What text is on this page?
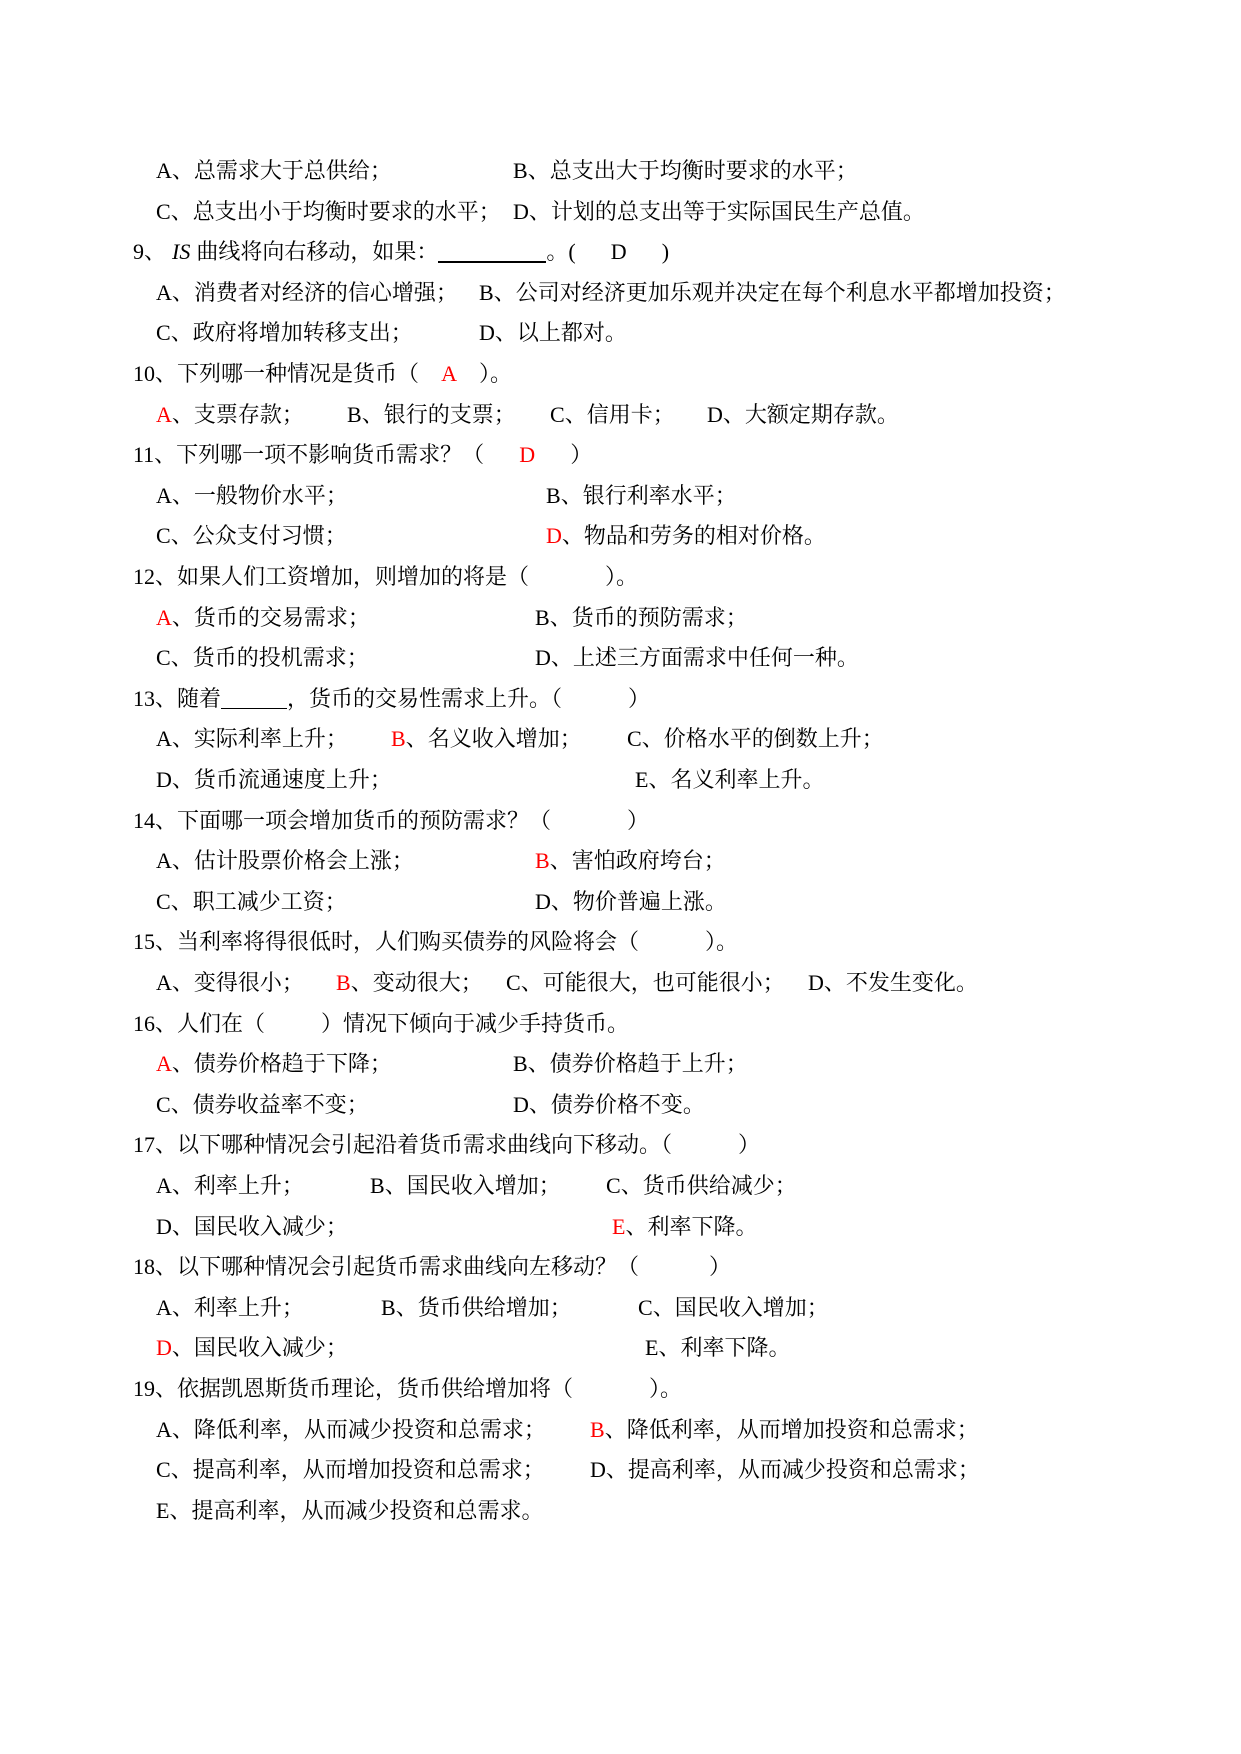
A、总需求大于总供给；	B、总支出大于均衡时要求的水平；
C、总支出小于均衡时要求的水平； D、计划的总支出等于实际国民生产总值。
9、 IS 曲线将向右移动，如果：	。( D )
A、消费者对经济的信心增强； B、公司对经济更加乐观并决定在每个利息水平都增加投资；
C、政府将增加转移支出；	D、以上都对。
10、下列哪一种情况是货币（ A ）。
A、支票存款； B、银行的支票； C、信用卡； D、大额定期存款。
11、下列哪一项不影响货币需求？（ D ）
A、一般物价水平；	B、银行利率水平；
C、公众支付习惯；	D、物品和劳务的相对价格。
12、如果人们工资增加，则增加的将是（	）。
A、货币的交易需求；	B、货币的预防需求；
C、货币的投机需求；	D、上述三方面需求中任何一种。
13、随着	，货币的交易性需求上升。（	）
A、实际利率上升； B、名义收入增加； C、价格水平的倒数上升；
D、货币流通速度上升；	E、名义利率上升。
14、下面哪一项会增加货币的预防需求？（	）
A、估计股票价格会上涨；	B、害怕政府垮台；
C、职工减少工资；	D、物价普遍上涨。
15、当利率将得很低时，人们购买债券的风险将会（	）。
A、变得很小； B、变动很大； C、可能很大，也可能很小； D、不发生变化。
16、人们在（	）情况下倾向于减少手持货币。
A、债券价格趋于下降；	B、债券价格趋于上升；
C、债券收益率不变；	D、债券价格不变。
17、以下哪种情况会引起沿着货币需求曲线向下移动。（	）
A、利率上升；	B、国民收入增加； C、货币供给减少；
D、国民收入减少；	E、利率下降。
18、以下哪种情况会引起货币需求曲线向左移动？（	）
A、利率上升；	B、货币供给增加；	C、国民收入增加；
D、国民收入减少；	E、利率下降。
19、依据凯恩斯货币理论，货币供给增加将（	）。
A、降低利率，从而减少投资和总需求； B、降低利率，从而增加投资和总需求；
C、提高利率，从而增加投资和总需求； D、提高利率，从而减少投资和总需求；
E、提高利率，从而减少投资和总需求。
